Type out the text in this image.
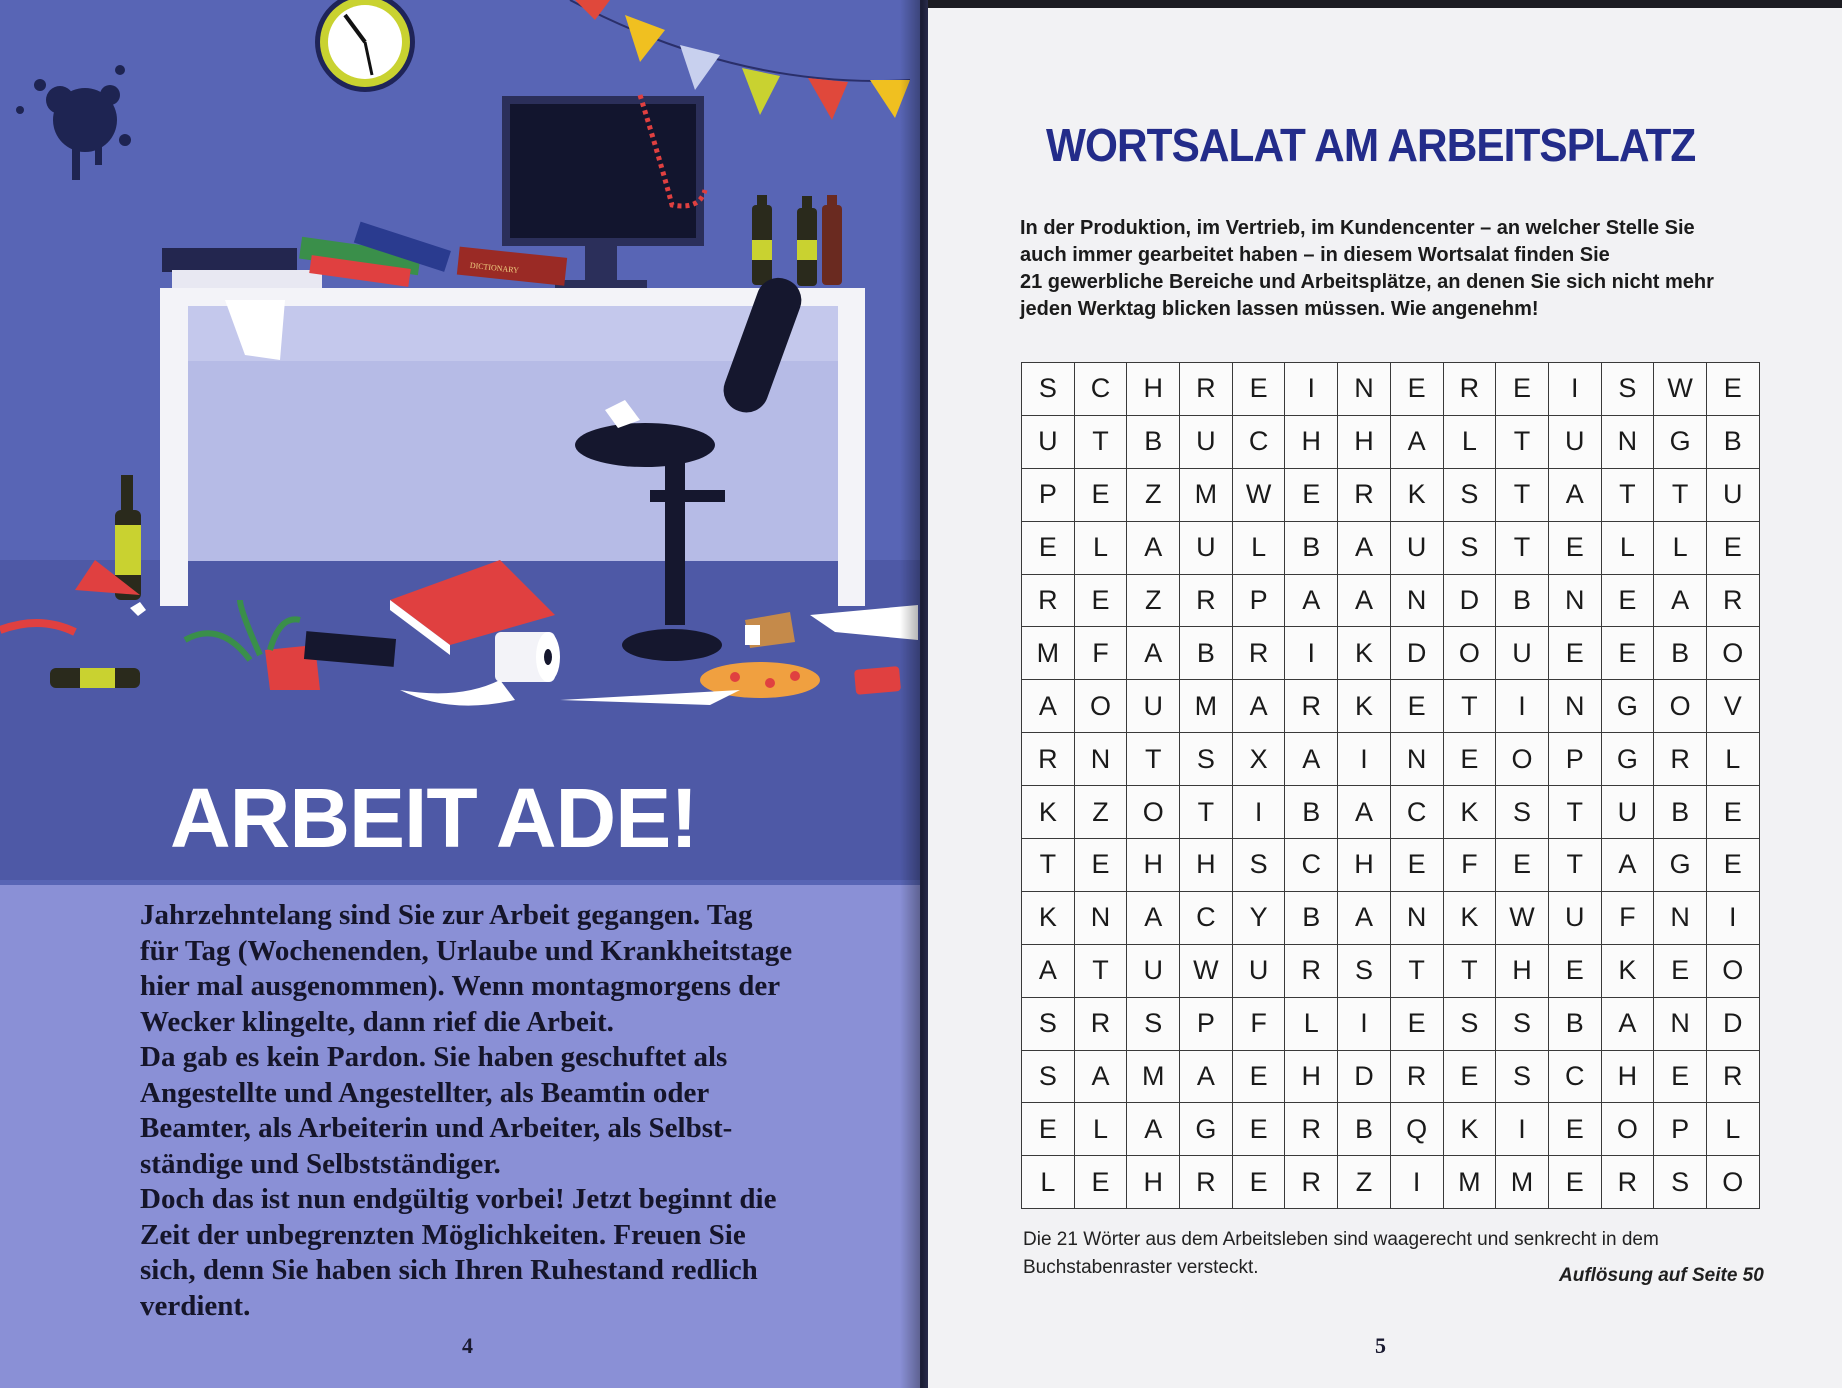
DICTIONARY
ARBEIT ADE!

Jahrzehntelang sind Sie zur Arbeit gegangen. Tag

für Tag (Wochenenden, Urlaube und Krankheitstage

hier mal ausgenommen). Wenn montagmorgens der

Wecker klingelte, dann rief die Arbeit.

Da gab es kein Pardon. Sie haben geschuftet als

Angestellte und Angestellter, als Beamtin oder

Beamter, als Arbeiterin und Arbeiter, als Selbst-

ständige und Selbstständiger.

Doch das ist nun endgültig vorbei! Jetzt beginnt die

Zeit der unbegrenzten Möglichkeiten. Freuen Sie

sich, denn Sie haben sich Ihren Ruhestand redlich

verdient.

4
WORTSALAT AM ARBEITSPLATZ
In der Produktion, im Vertrieb, im Kundencenter – an welcher Stelle Sie
auch immer gearbeitet haben – in diesem Wortsalat finden Sie
21 gewerbliche Bereiche und Arbeitsplätze, an denen Sie sich nicht mehr
jeden Werktag blicken lassen müssen. Wie angenehm!
S	C	H	R	E	I	N	E	R	E	I	S	W	E
U	T	B	U	C	H	H	A	L	T	U	N	G	B
P	E	Z	M	W	E	R	K	S	T	A	T	T	U
E	L	A	U	L	B	A	U	S	T	E	L	L	E
R	E	Z	R	P	A	A	N	D	B	N	E	A	R
M	F	A	B	R	I	K	D	O	U	E	E	B	O
A	O	U	M	A	R	K	E	T	I	N	G	O	V
R	N	T	S	X	A	I	N	E	O	P	G	R	L
K	Z	O	T	I	B	A	C	K	S	T	U	B	E
T	E	H	H	S	C	H	E	F	E	T	A	G	E
K	N	A	C	Y	B	A	N	K	W	U	F	N	I
A	T	U	W	U	R	S	T	T	H	E	K	E	O
S	R	S	P	F	L	I	E	S	S	B	A	N	D
S	A	M	A	E	H	D	R	E	S	C	H	E	R
E	L	A	G	E	R	B	Q	K	I	E	O	P	L
L	E	H	R	E	R	Z	I	M	M	E	R	S	O
Die 21 Wörter aus dem Arbeitsleben sind waagerecht und senkrecht in dem
Buchstabenraster versteckt.	Auflösung auf Seite 50
5
